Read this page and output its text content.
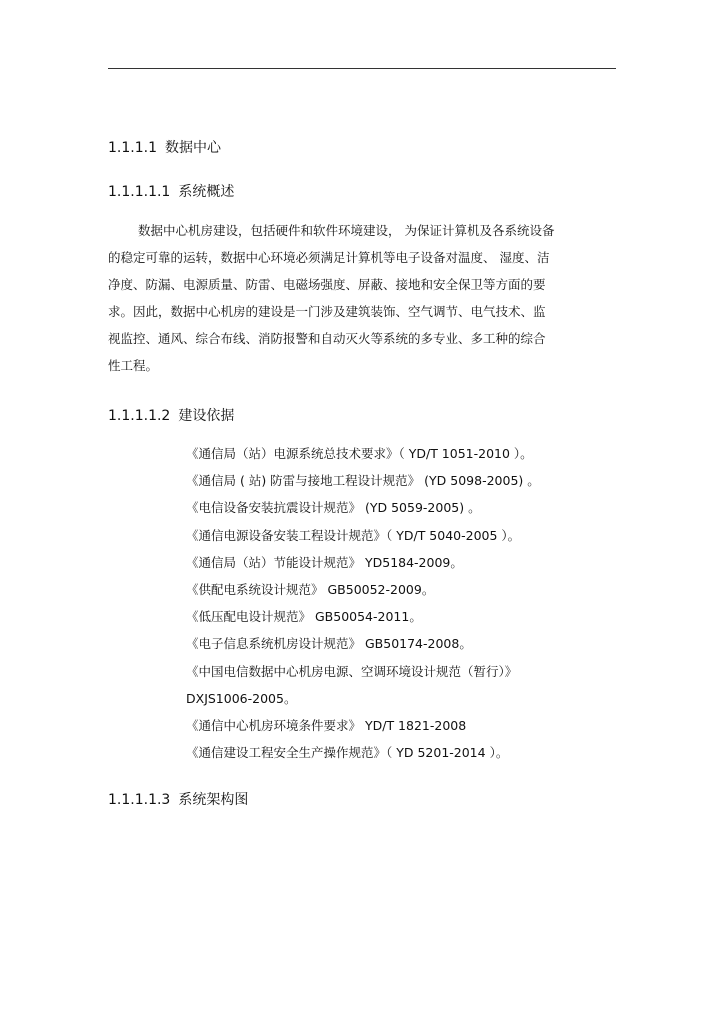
1.1.1.1 数据中心
1.1.1.1.1 系统概述
数据中心机房建设，包括硬件和软件环境建设， 为保证计算机及各系统设备
的稳定可靠的运转，数据中心环境必须满足计算机等电子设备对温度、 湿度、洁
净度、防漏、电源质量、防雷、电磁场强度、屏蔽、接地和安全保卫等方面的要
求。因此，数据中心机房的建设是一门涉及建筑装饰、空气调节、电气技术、监
视监控、通风、综合布线、消防报警和自动灭火等系统的多专业、多工种的综合
性工程。
1.1.1.1.2 建设依据
《通信局（站）电源系统总技术要求》（ YD/T 1051-2010 ）。
《通信局 ( 站) 防雷与接地工程设计规范》 (YD 5098-2005) 。
《电信设备安装抗震设计规范》 (YD 5059-2005) 。
《通信电源设备安装工程设计规范》（ YD/T 5040-2005 ）。
《通信局（站）节能设计规范》 YD5184-2009。
《供配电系统设计规范》 GB50052-2009。
《低压配电设计规范》 GB50054-2011。
《电子信息系统机房设计规范》 GB50174-2008。
《中国电信数据中心机房电源、空调环境设计规范（暂行）》
DXJS1006-2005。
《通信中心机房环境条件要求》 YD/T 1821-2008
《通信建设工程安全生产操作规范》（ YD 5201-2014 ）。
1.1.1.1.3 系统架构图
